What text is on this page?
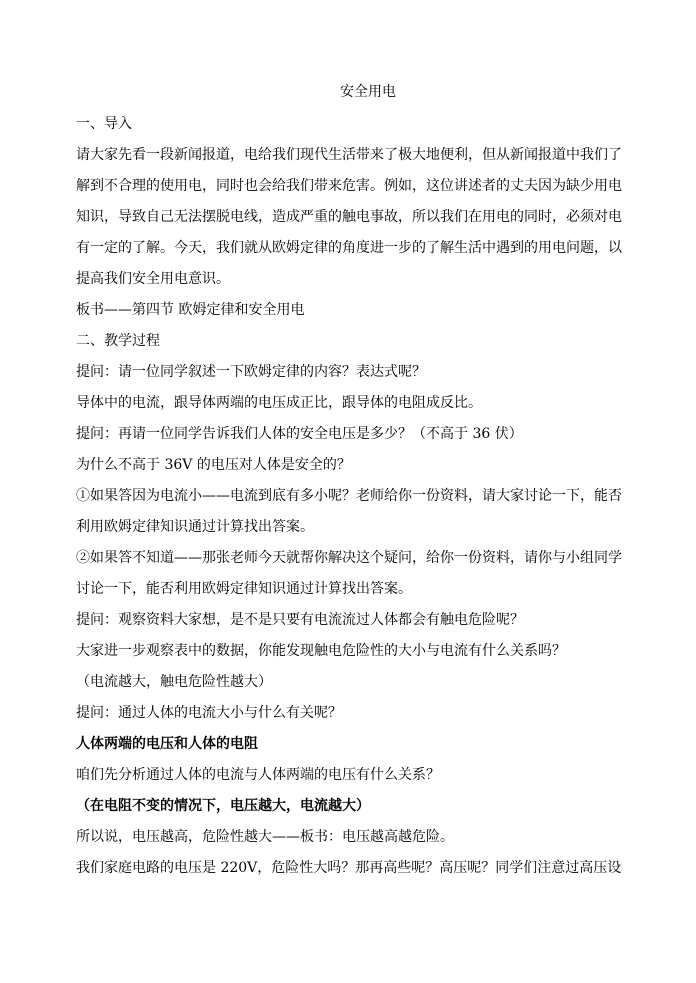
安全用电
一、导入
请大家先看一段新闻报道，电给我们现代生活带来了极大地便利，但从新闻报道中我们了
解到不合理的使用电，同时也会给我们带来危害。例如，这位讲述者的丈夫因为缺少用电
知识，导致自己无法摆脱电线，造成严重的触电事故，所以我们在用电的同时，必须对电
有一定的了解。今天，我们就从欧姆定律的角度进一步的了解生活中遇到的用电问题，以
提高我们安全用电意识。
板书——第四节 欧姆定律和安全用电
二、教学过程
提问：请一位同学叙述一下欧姆定律的内容？表达式呢？
导体中的电流，跟导体两端的电压成正比，跟导体的电阻成反比。
提问：再请一位同学告诉我们人体的安全电压是多少？（不高于 36 伏）
为什么不高于 36V 的电压对人体是安全的？
①如果答因为电流小——电流到底有多小呢？老师给你一份资料，请大家讨论一下，能否
利用欧姆定律知识通过计算找出答案。
②如果答不知道——那张老师今天就帮你解决这个疑问，给你一份资料，请你与小组同学
讨论一下，能否利用欧姆定律知识通过计算找出答案。
提问：观察资料大家想，是不是只要有电流流过人体都会有触电危险呢？
大家进一步观察表中的数据，你能发现触电危险性的大小与电流有什么关系吗？
（电流越大，触电危险性越大）
提问：通过人体的电流大小与什么有关呢？
人体两端的电压和人体的电阻
咱们先分析通过人体的电流与人体两端的电压有什么关系？
（在电阻不变的情况下，电压越大，电流越大）
所以说，电压越高，危险性越大——板书：电压越高越危险。
我们家庭电路的电压是 220V，危险性大吗？那再高些呢？高压呢？同学们注意过高压设
